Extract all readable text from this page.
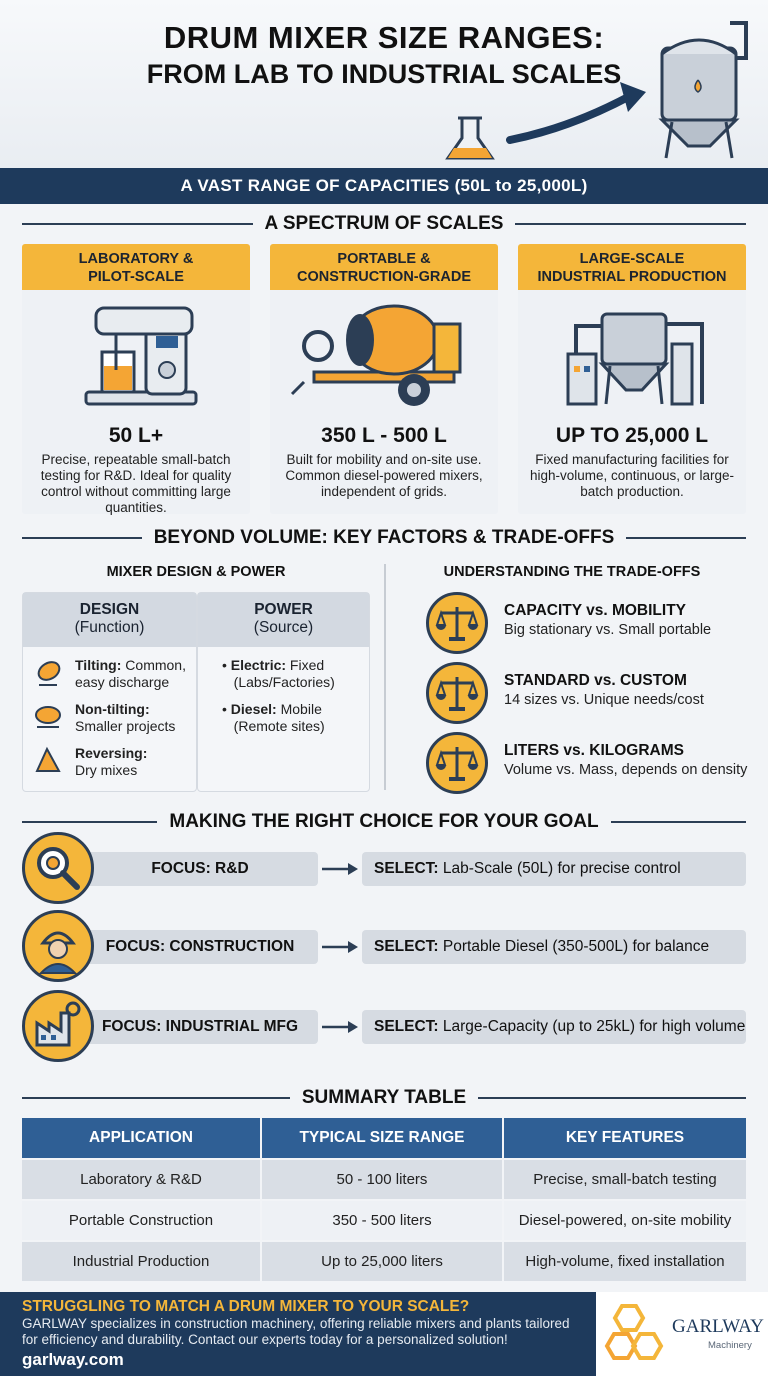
DRUM MIXER SIZE RANGES:
FROM LAB TO INDUSTRIAL SCALES
A VAST RANGE OF CAPACITIES (50L to 25,000L)
A SPECTRUM OF SCALES
LABORATORY &
PILOT-SCALE
50 L+
Precise, repeatable small-batch testing for R&D. Ideal for quality control without committing large quantities.
PORTABLE &
CONSTRUCTION-GRADE
350 L - 500 L
Built for mobility and on-site use. Common diesel-powered mixers, independent of grids.
LARGE-SCALE
INDUSTRIAL PRODUCTION
UP TO 25,000 L
Fixed manufacturing facilities for high-volume, continuous, or large-batch production.
BEYOND VOLUME: KEY FACTORS & TRADE-OFFS
MIXER DESIGN & POWER	UNDERSTANDING THE TRADE-OFFS
DESIGN
(Function)
Tilting: Common,
easy discharge
Non-tilting:
Smaller projects
Reversing:
Dry mixes
POWER
(Source)
• Electric: Fixed
(Labs/Factories)
• Diesel: Mobile
(Remote sites)
CAPACITY vs. MOBILITY
Big stationary vs. Small portable
STANDARD vs. CUSTOM
14 sizes vs. Unique needs/cost
LITERS vs. KILOGRAMS
Volume vs. Mass, depends on density
MAKING THE RIGHT CHOICE FOR YOUR GOAL
FOCUS: R&D	SELECT: Lab-Scale (50L) for precise control
FOCUS: CONSTRUCTION	SELECT: Portable Diesel (350-500L) for balance
FOCUS: INDUSTRIAL MFG	SELECT: Large-Capacity (up to 25kL) for high volume
SUMMARY TABLE
APPLICATION	TYPICAL SIZE RANGE	KEY FEATURES
Laboratory & R&D	50 - 100 liters	Precise, small-batch testing
Portable Construction	350 - 500 liters	Diesel-powered, on-site mobility
Industrial Production	Up to 25,000 liters	High-volume, fixed installation
STRUGGLING TO MATCH A DRUM MIXER TO YOUR SCALE?
GARLWAY specializes in construction machinery, offering reliable mixers and plants tailored for efficiency and durability. Contact our experts today for a personalized solution!
garlway.com
GARLWAY
Machinery
